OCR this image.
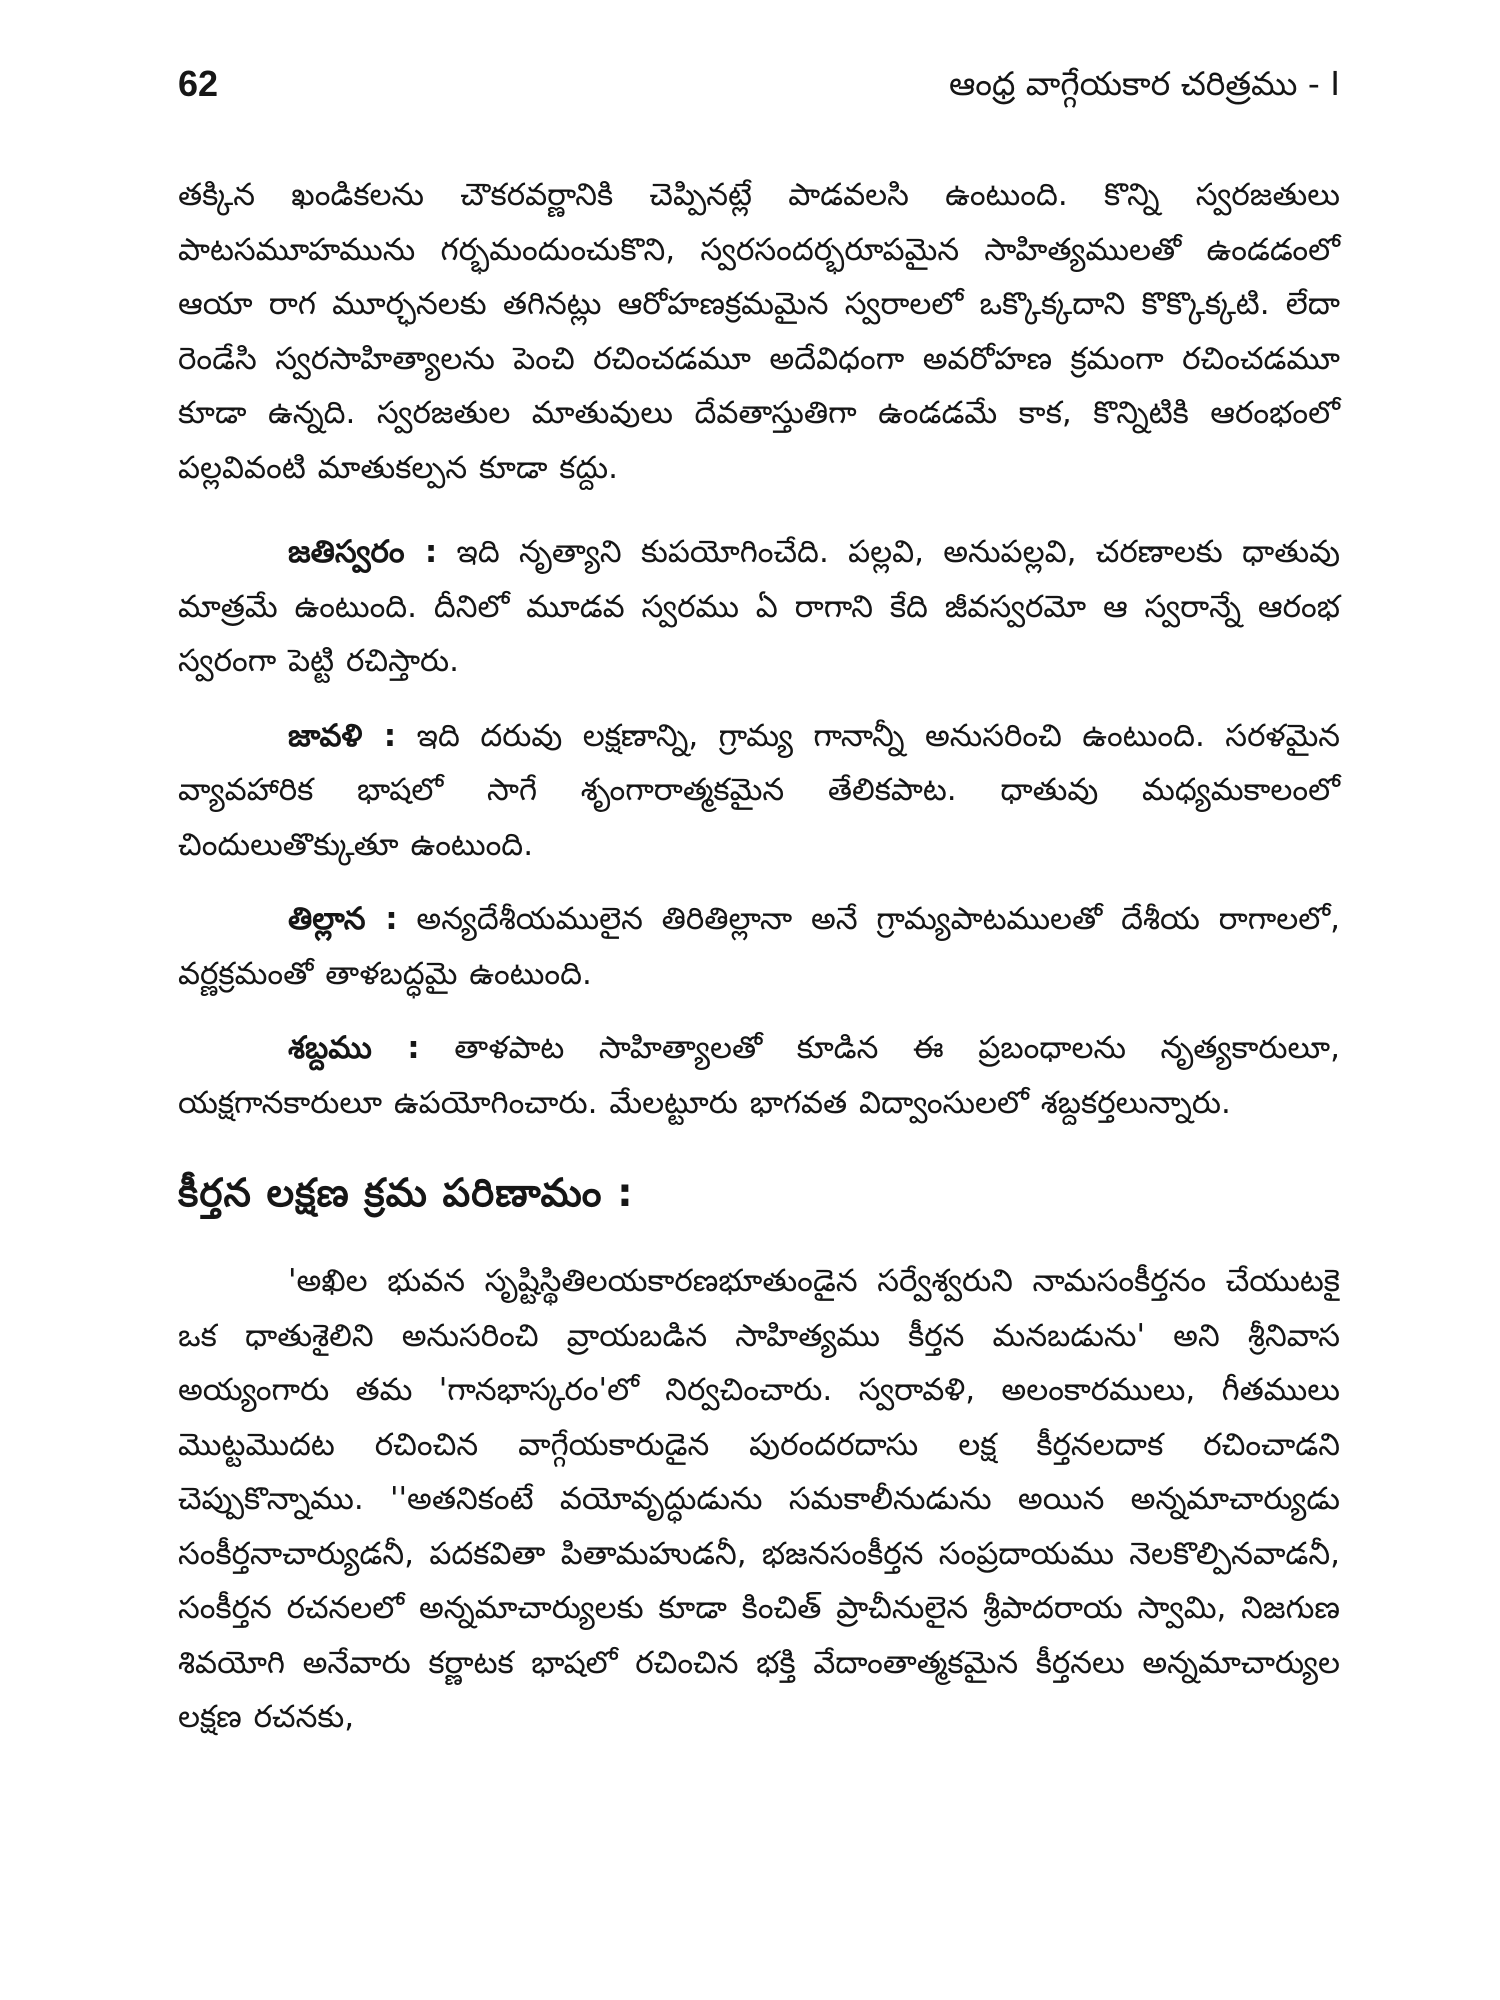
62	ఆంధ్ర వాగ్గేయకార చరిత్రము - I

తక్కిన ఖండికలను చౌకరవర్ణానికి చెప్పినట్లే పాడవలసి ఉంటుంది. కొన్ని స్వరజతులు పాటసమూహమును గర్భమందుంచుకొని, స్వరసందర్భరూపమైన సాహిత్యములతో ఉండడంలో ఆయా రాగ మూర్ఛనలకు తగినట్లు ఆరోహణక్రమమైన స్వరాలలో ఒక్కొక్కదాని కొక్కొక్కటి. లేదా రెండేసి స్వరసాహిత్యాలను పెంచి రచించడమూ అదేవిధంగా అవరోహణ క్రమంగా రచించడమూ కూడా ఉన్నది. స్వరజతుల మాతువులు దేవతాస్తుతిగా ఉండడమే కాక, కొన్నిటికి ఆరంభంలో పల్లవివంటి మాతుకల్పన కూడా కద్దు.

జతిస్వరం : ఇది నృత్యాని కుపయోగించేది. పల్లవి, అనుపల్లవి, చరణాలకు ధాతువు మాత్రమే ఉంటుంది. దీనిలో మూడవ స్వరము ఏ రాగాని కేది జీవస్వరమో ఆ స్వరాన్నే ఆరంభ స్వరంగా పెట్టి రచిస్తారు.

జావళి : ఇది దరువు లక్షణాన్ని, గ్రామ్య గానాన్నీ అనుసరించి ఉంటుంది. సరళమైన వ్యావహారిక భాషలో సాగే శృంగారాత్మకమైన తేలికపాట. ధాతువు మధ్యమకాలంలో చిందులుతొక్కుతూ ఉంటుంది.

తిల్లాన : అన్యదేశీయములైన తిరితిల్లానా అనే గ్రామ్యపాటములతో దేశీయ రాగాలలో, వర్ణక్రమంతో తాళబద్ధమై ఉంటుంది.

శబ్దము : తాళపాట సాహిత్యాలతో కూడిన ఈ ప్రబంధాలను నృత్యకారులూ, యక్షగానకారులూ ఉపయోగించారు. మేలట్టూరు భాగవత విద్వాంసులలో శబ్దకర్తలున్నారు.

కీర్తన లక్షణ క్రమ పరిణామం :

'అఖిల భువన సృష్టిస్థితిలయకారణభూతుండైన సర్వేశ్వరుని నామసంకీర్తనం చేయుటకై ఒక ధాతుశైలిని అనుసరించి వ్రాయబడిన సాహిత్యము కీర్తన మనబడును' అని శ్రీనివాస అయ్యంగారు తమ 'గానభాస్కరం'లో నిర్వచించారు. స్వరావళి, అలంకారములు, గీతములు మొట్టమొదట రచించిన వాగ్గేయకారుడైన పురందరదాసు లక్ష కీర్తనలదాక రచించాడని చెప్పుకొన్నాము. ''అతనికంటే వయోవృద్ధుడును సమకాలీనుడును అయిన అన్నమాచార్యుడు సంకీర్తనాచార్యుడనీ, పదకవితా పితామహుడనీ, భజనసంకీర్తన సంప్రదాయము నెలకొల్పినవాడనీ, సంకీర్తన రచనలలో అన్నమాచార్యులకు కూడా కించిత్ ప్రాచీనులైన శ్రీపాదరాయ స్వామి, నిజగుణ శివయోగి అనేవారు కర్ణాటక భాషలో రచించిన భక్తి వేదాంతాత్మకమైన కీర్తనలు అన్నమాచార్యుల లక్షణ రచనకు,
